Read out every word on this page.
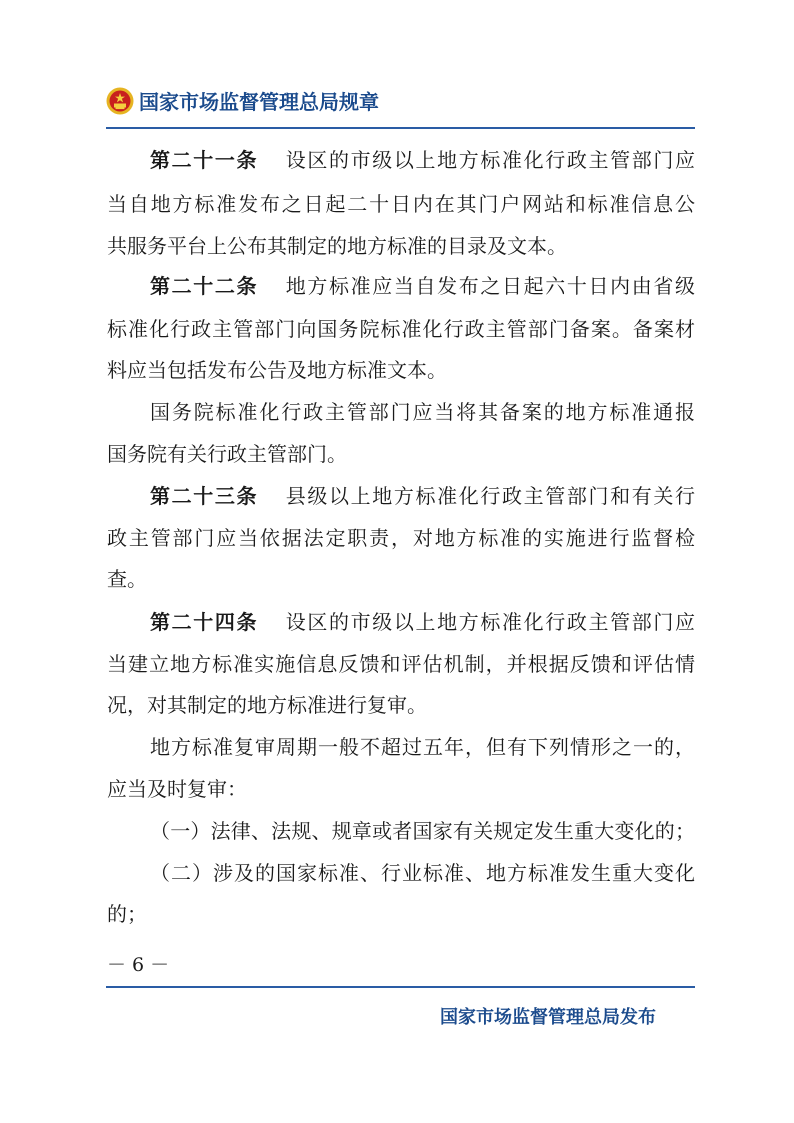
国家市场监督管理总局规章
第二十一条 设区的市级以上地方标准化行政主管部门应
当自地方标准发布之日起二十日内在其门户网站和标准信息公
共服务平台上公布其制定的地方标准的目录及文本。
第二十二条 地方标准应当自发布之日起六十日内由省级
标准化行政主管部门向国务院标准化行政主管部门备案。备案材
料应当包括发布公告及地方标准文本。
国务院标准化行政主管部门应当将其备案的地方标准通报
国务院有关行政主管部门。
第二十三条 县级以上地方标准化行政主管部门和有关行
政主管部门应当依据法定职责，对地方标准的实施进行监督检
查。
第二十四条 设区的市级以上地方标准化行政主管部门应
当建立地方标准实施信息反馈和评估机制，并根据反馈和评估情
况，对其制定的地方标准进行复审。
地方标准复审周期一般不超过五年，但有下列情形之一的，
应当及时复审：
（一）法律、法规、规章或者国家有关规定发生重大变化的；
（二）涉及的国家标准、行业标准、地方标准发生重大变化
的；
－ 6 －
国家市场监督管理总局发布
